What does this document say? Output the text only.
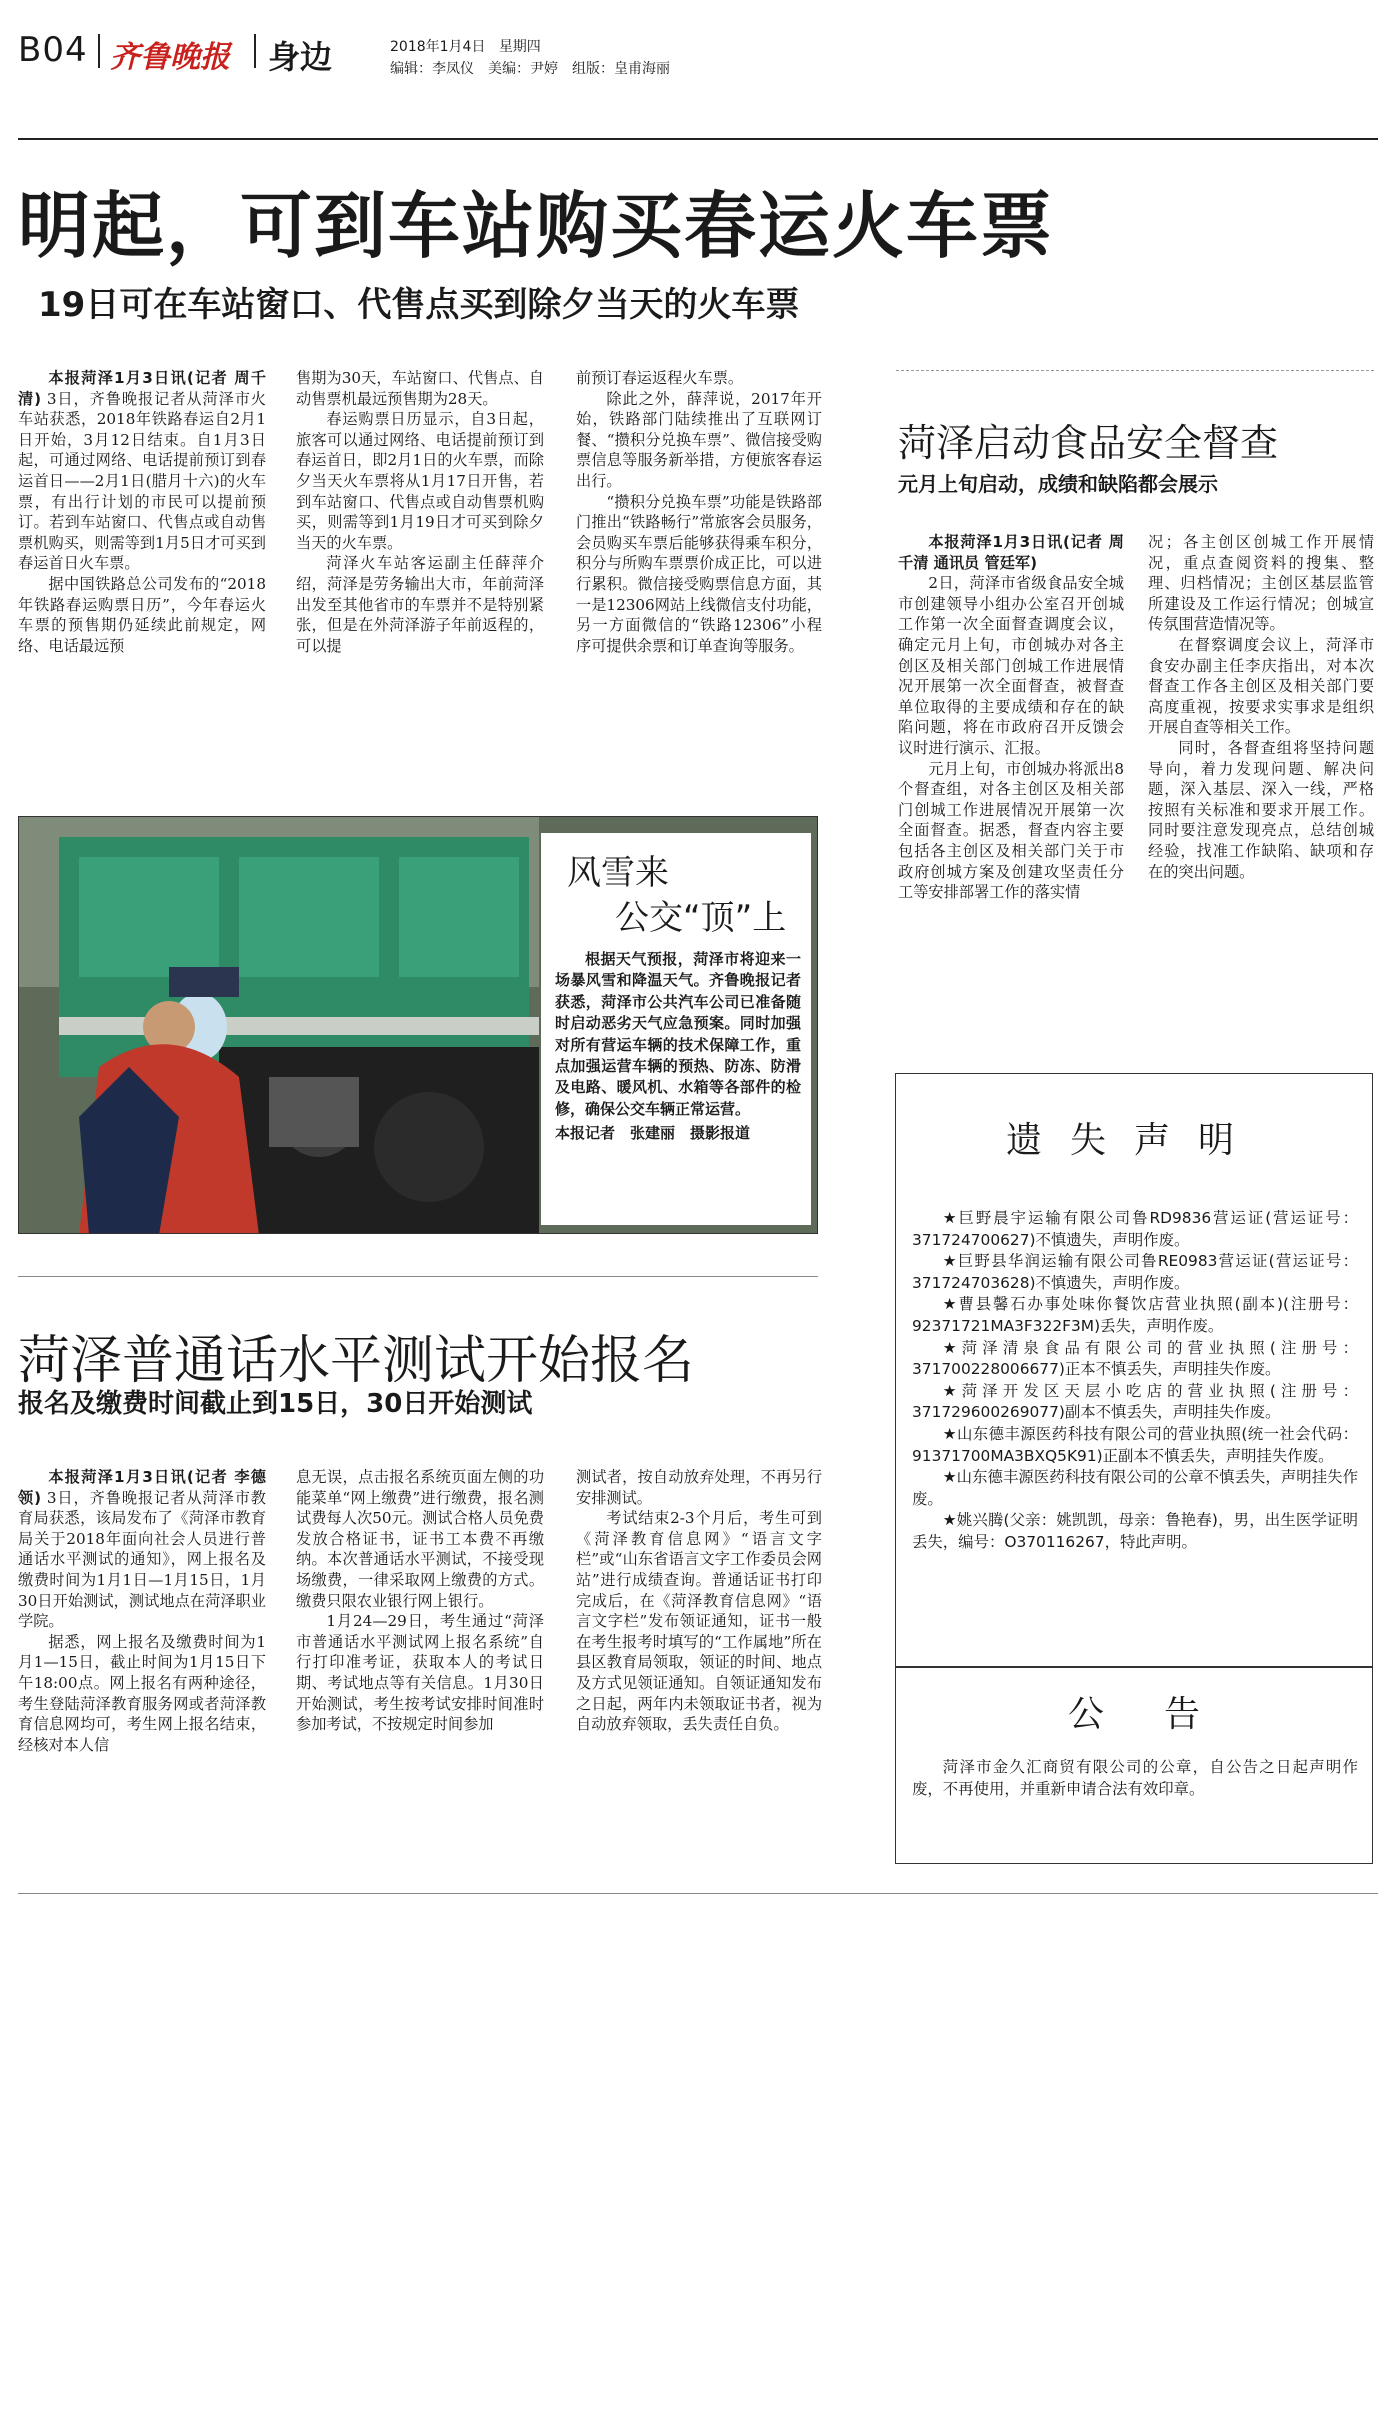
B04 齐鲁晚报 身边	2018年1月4日 星期四
编辑：李凤仪 美编：尹婷 组版：皇甫海丽
明起，可到车站购买春运火车票
19日可在车站窗口、代售点买到除夕当天的火车票

本报菏泽1月3日讯(记者 周千清) 3日，齐鲁晚报记者从菏泽市火车站获悉，2018年铁路春运自2月1日开始，3月12日结束。自1月3日起，可通过网络、电话提前预订到春运首日——2月1日(腊月十六)的火车票，有出行计划的市民可以提前预订。若到车站窗口、代售点或自动售票机购买，则需等到1月5日才可买到春运首日火车票。

据中国铁路总公司发布的“2018年铁路春运购票日历”，今年春运火车票的预售期仍延续此前规定，网络、电话最远预

售期为30天，车站窗口、代售点、自动售票机最远预售期为28天。

春运购票日历显示，自3日起，旅客可以通过网络、电话提前预订到春运首日，即2月1日的火车票，而除夕当天火车票将从1月17日开售，若到车站窗口、代售点或自动售票机购买，则需等到1月19日才可买到除夕当天的火车票。

菏泽火车站客运副主任薛萍介绍，菏泽是劳务输出大市，年前菏泽出发至其他省市的车票并不是特别紧张，但是在外菏泽游子年前返程的，可以提

前预订春运返程火车票。

除此之外，薛萍说，2017年开始，铁路部门陆续推出了互联网订餐、“攒积分兑换车票”、微信接受购票信息等服务新举措，方便旅客春运出行。

“攒积分兑换车票”功能是铁路部门推出“铁路畅行”常旅客会员服务，会员购买车票后能够获得乘车积分，积分与所购车票票价成正比，可以进行累积。微信接受购票信息方面，其一是12306网站上线微信支付功能，另一方面微信的“铁路12306”小程序可提供余票和订单查询等服务。

菏泽启动食品安全督查
元月上旬启动，成绩和缺陷都会展示

本报菏泽1月3日讯(记者 周千清 通讯员 管廷军)

2日，菏泽市省级食品安全城市创建领导小组办公室召开创城工作第一次全面督查调度会议，确定元月上旬，市创城办对各主创区及相关部门创城工作进展情况开展第一次全面督查，被督查单位取得的主要成绩和存在的缺陷问题，将在市政府召开反馈会议时进行演示、汇报。

元月上旬，市创城办将派出8个督查组，对各主创区及相关部门创城工作进展情况开展第一次全面督查。据悉，督查内容主要包括各主创区及相关部门关于市政府创城方案及创建攻坚责任分工等安排部署工作的落实情

况；各主创区创城工作开展情况，重点查阅资料的搜集、整理、归档情况；主创区基层监管所建设及工作运行情况；创城宣传氛围营造情况等。

在督察调度会议上，菏泽市食安办副主任李庆指出，对本次督查工作各主创区及相关部门要高度重视，按要求实事求是组织开展自查等相关工作。

同时，各督查组将坚持问题导向，着力发现问题、解决问题，深入基层、深入一线，严格按照有关标准和要求开展工作。同时要注意发现亮点，总结创城经验，找准工作缺陷、缺项和存在的突出问题。

风雪来
公交“顶”上
根据天气预报，菏泽市将迎来一场暴风雪和降温天气。齐鲁晚报记者获悉，菏泽市公共汽车公司已准备随时启动恶劣天气应急预案。同时加强对所有营运车辆的技术保障工作，重点加强运营车辆的预热、防冻、防滑及电路、暖风机、水箱等各部件的检修，确保公交车辆正常运营。
本报记者　张建丽　摄影报道
菏泽普通话水平测试开始报名
报名及缴费时间截止到15日，30日开始测试

本报菏泽1月3日讯(记者 李德领) 3日，齐鲁晚报记者从菏泽市教育局获悉，该局发布了《菏泽市教育局关于2018年面向社会人员进行普通话水平测试的通知》，网上报名及缴费时间为1月1日—1月15日，1月30日开始测试，测试地点在菏泽职业学院。

据悉，网上报名及缴费时间为1月1—15日，截止时间为1月15日下午18:00点。网上报名有两种途径，考生登陆菏泽教育服务网或者菏泽教育信息网均可，考生网上报名结束，经核对本人信

息无误，点击报名系统页面左侧的功能菜单“网上缴费”进行缴费，报名测试费每人次50元。测试合格人员免费发放合格证书，证书工本费不再缴纳。本次普通话水平测试，不接受现场缴费，一律采取网上缴费的方式。缴费只限农业银行网上银行。

1月24—29日，考生通过“菏泽市普通话水平测试网上报名系统”自行打印准考证，获取本人的考试日期、考试地点等有关信息。1月30日开始测试，考生按考试安排时间准时参加考试，不按规定时间参加

测试者，按自动放弃处理，不再另行安排测试。

考试结束2-3个月后，考生可到《菏泽教育信息网》“语言文字栏”或“山东省语言文字工作委员会网站”进行成绩查询。普通话证书打印完成后，在《菏泽教育信息网》“语言文字栏”发布领证通知，证书一般在考生报考时填写的“工作属地”所在县区教育局领取，领证的时间、地点及方式见领证通知。自领证通知发布之日起，两年内未领取证书者，视为自动放弃领取，丢失责任自负。

遗失声明

★巨野晨宇运输有限公司鲁RD9836营运证(营运证号：371724700627)不慎遗失，声明作废。

★巨野县华润运输有限公司鲁RE0983营运证(营运证号：371724703628)不慎遗失，声明作废。

★曹县馨石办事处味你餐饮店营业执照(副本)(注册号：92371721MA3F322F3M)丢失，声明作废。

★菏泽清泉食品有限公司的营业执照(注册号：371700228006677)正本不慎丢失，声明挂失作废。

★菏泽开发区天层小吃店的营业执照(注册号：371729600269077)副本不慎丢失，声明挂失作废。

★山东德丰源医药科技有限公司的营业执照(统一社会代码：91371700MA3BXQ5K91)正副本不慎丢失，声明挂失作废。

★山东德丰源医药科技有限公司的公章不慎丢失，声明挂失作废。

★姚兴腾(父亲：姚凯凯，母亲：鲁艳春)，男，出生医学证明丢失，编号：O370116267，特此声明。

公告
菏泽市金久汇商贸有限公司的公章，自公告之日起声明作废，不再使用，并重新申请合法有效印章。
